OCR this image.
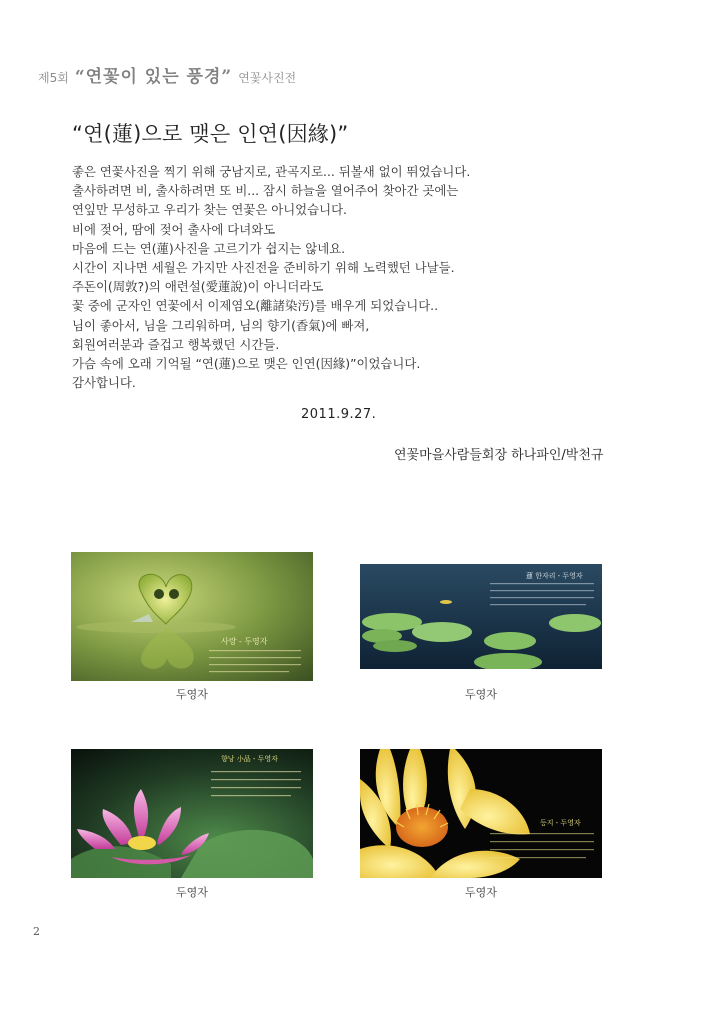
제5회 “연꽃이 있는 풍경” 연꽃사진전
“연(蓮)으로 맺은 인연(因緣)”

좋은 연꽃사진을 찍기 위해 궁남지로, 관곡지로... 뒤볼새 없이 뛰었습니다.

출사하려면 비, 출사하려면 또 비... 잠시 하늘을 열어주어 찾아간 곳에는

연잎만 무성하고 우리가 찾는 연꽃은 아니었습니다.

비에 젖어, 땀에 젖어 출사에 다녀와도

마음에 드는 연(蓮)사진을 고르기가 쉽지는 않네요.

시간이 지나면 세월은 가지만 사진전을 준비하기 위해 노력했던 나날들.

주돈이(周敦?)의 애련설(愛蓮說)이 아니더라도

꽃 중에 군자인 연꽃에서 이제염오(離諸染汚)를 배우게 되었습니다..

님이 좋아서, 님을 그리워하며, 님의 향기(香氣)에 빠져,

회원여러분과 즐겁고 행복했던 시간들.

가슴 속에 오래 기억될 “연(蓮)으로 맺은 인연(因緣)”이었습니다.

감사합니다.

2011.9.27.
연꽃마을사람들회장 하나파인/박천규
사랑 - 두영자
두영자
蓮 한자리 - 두영자
두영자
향낭 小品 - 두영자
두영자
등지 - 두영자
두영자
2
